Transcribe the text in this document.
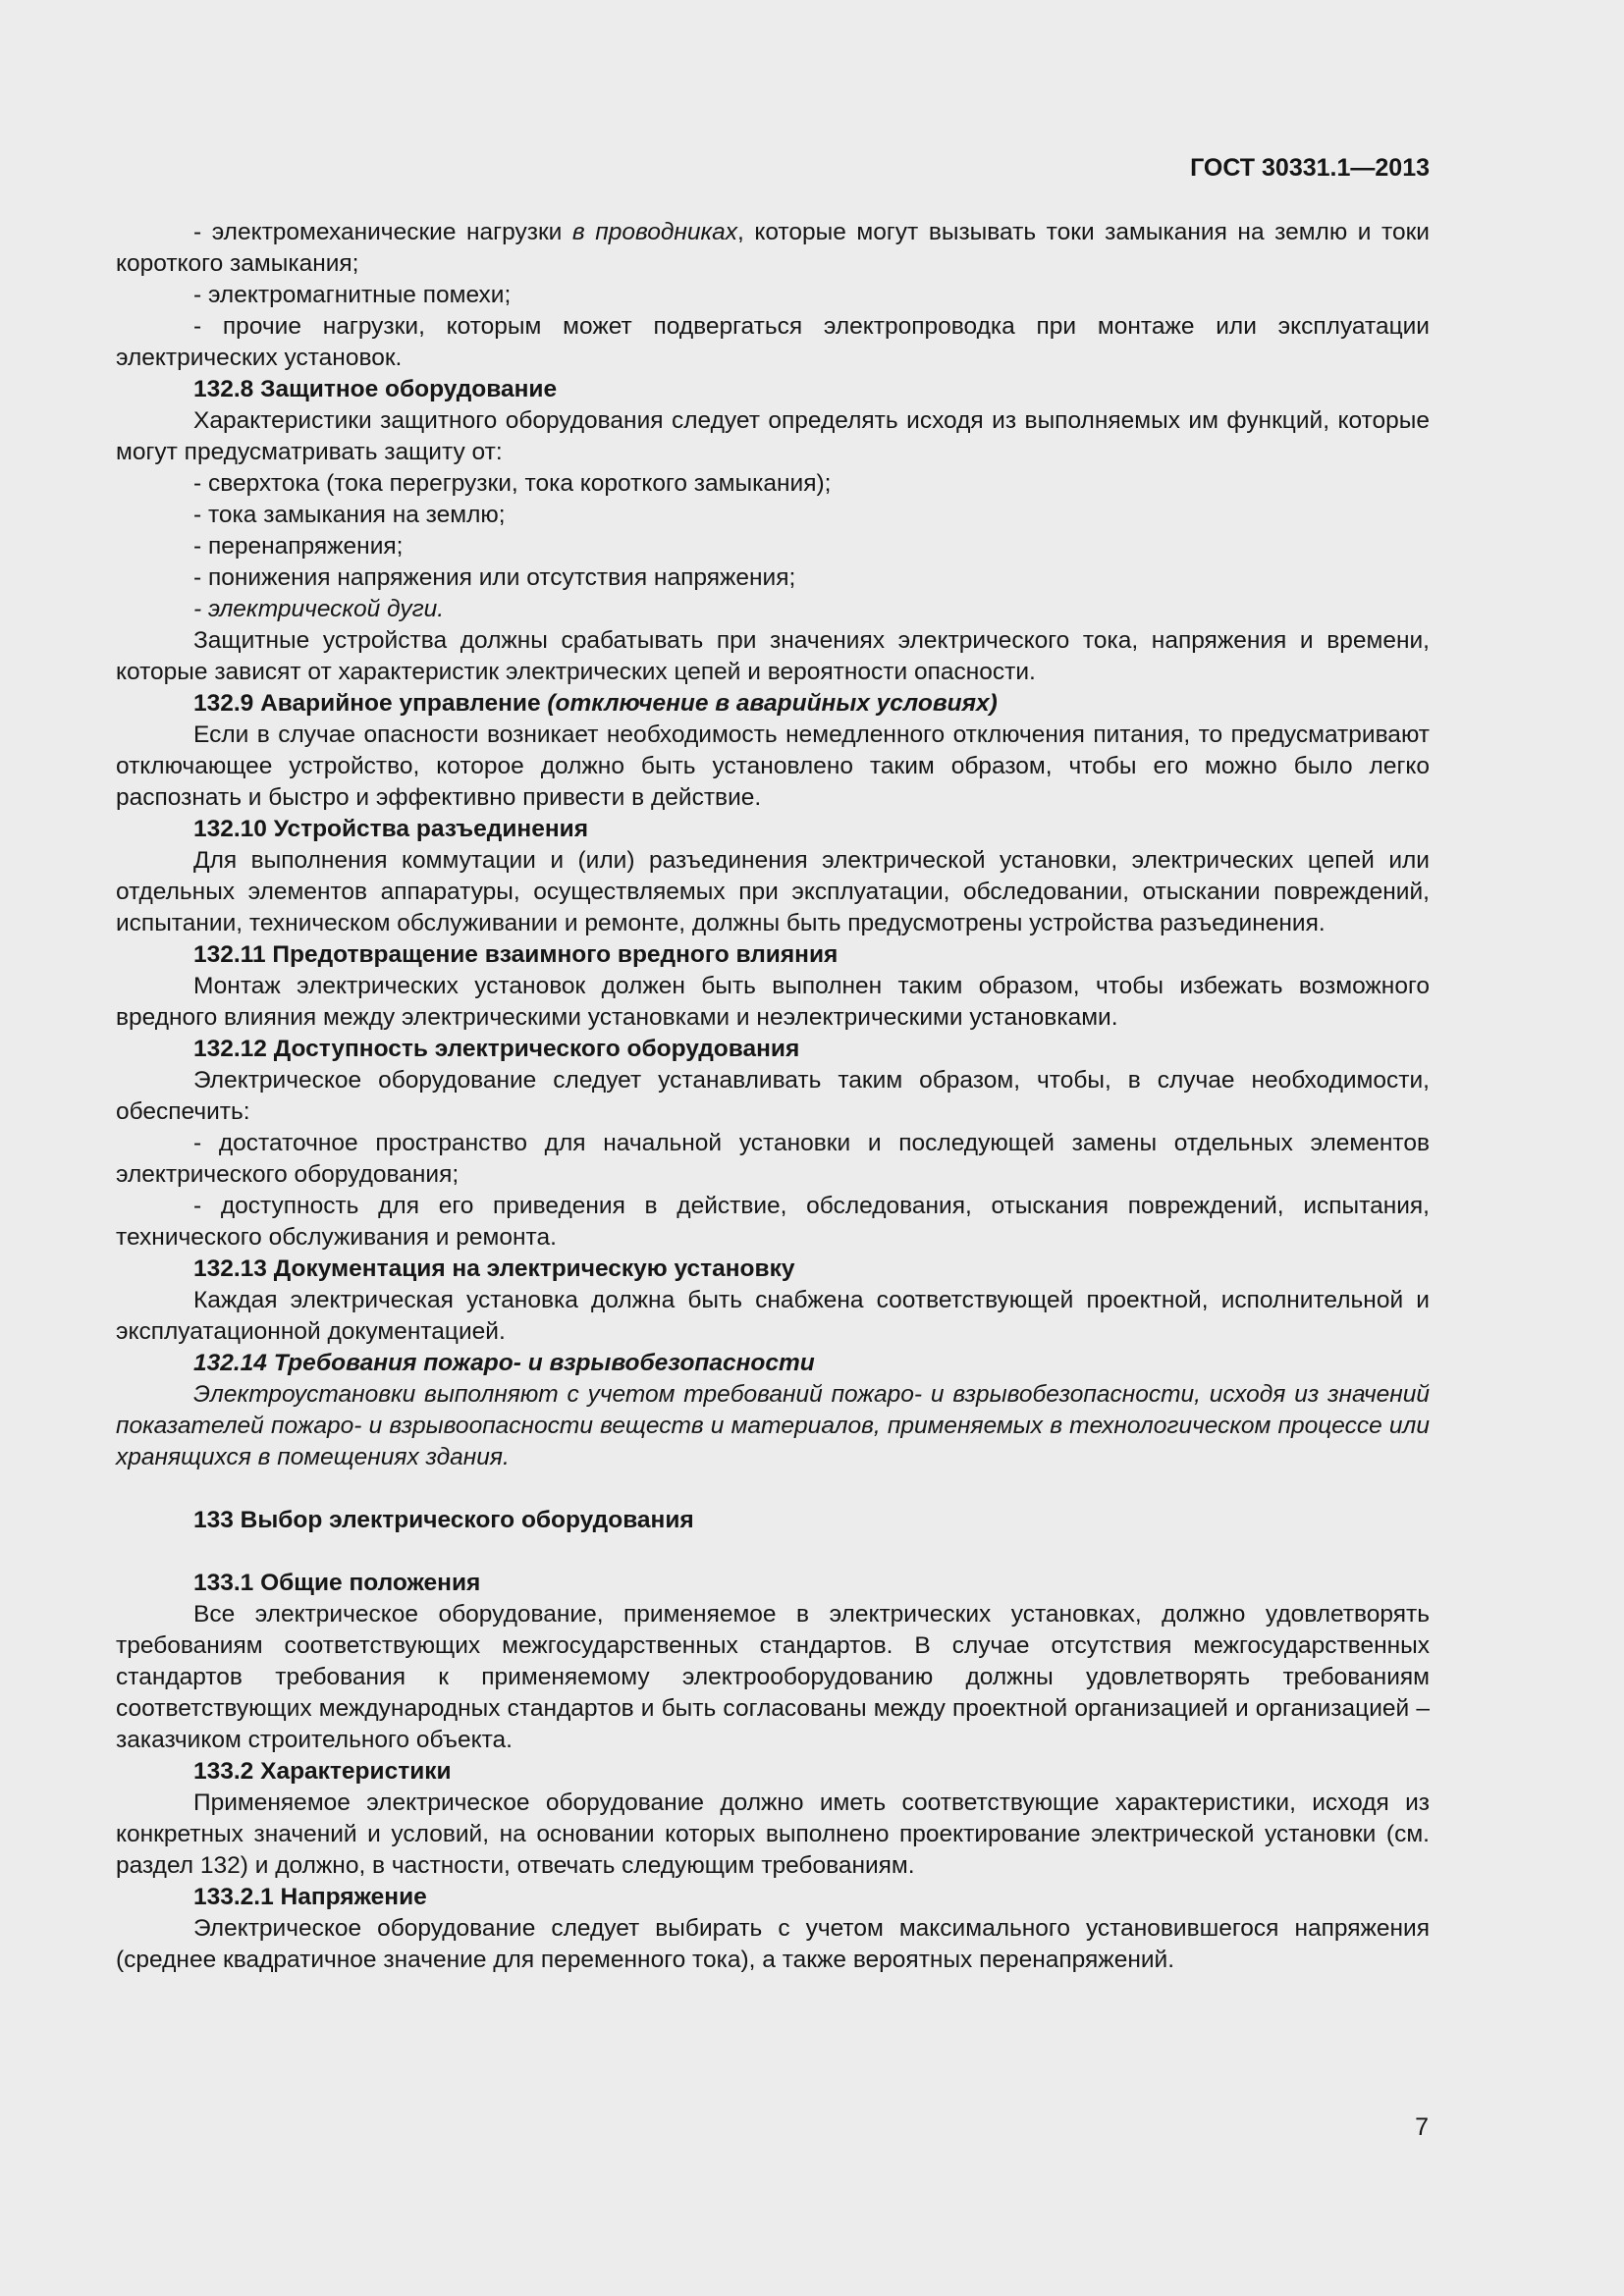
ГОСТ 30331.1—2013

- электромеханические нагрузки в проводниках, которые могут вызывать токи замыкания на землю и токи короткого замыкания;

- электромагнитные помехи;

- прочие нагрузки, которым может подвергаться электропроводка при монтаже или эксплуатации электрических установок.

132.8 Защитное оборудование

Характеристики защитного оборудования следует определять исходя из выполняемых им функций, которые могут предусматривать защиту от:

- сверхтока (тока перегрузки, тока короткого замыкания);

- тока замыкания на землю;

- перенапряжения;

- понижения напряжения или отсутствия напряжения;

- электрической дуги.

Защитные устройства должны срабатывать при значениях электрического тока, напряжения и времени, которые зависят от характеристик электрических цепей и вероятности опасности.

132.9 Аварийное управление (отключение в аварийных условиях)

Если в случае опасности возникает необходимость немедленного отключения питания, то предусматривают отключающее устройство, которое должно быть установлено таким образом, чтобы его можно было легко распознать и быстро и эффективно привести в действие.

132.10 Устройства разъединения

Для выполнения коммутации и (или) разъединения электрической установки, электрических цепей или отдельных элементов аппаратуры, осуществляемых при эксплуатации, обследовании, отыскании повреждений, испытании, техническом обслуживании и ремонте, должны быть предусмотрены устройства разъединения.

132.11 Предотвращение взаимного вредного влияния

Монтаж электрических установок должен быть выполнен таким образом, чтобы избежать возможного вредного влияния между электрическими установками и неэлектрическими установками.

132.12 Доступность электрического оборудования

Электрическое оборудование следует устанавливать таким образом, чтобы, в случае необходимости, обеспечить:

- достаточное пространство для начальной установки и последующей замены отдельных элементов электрического оборудования;

- доступность для его приведения в действие, обследования, отыскания повреждений, испытания, технического обслуживания и ремонта.

132.13 Документация на электрическую установку

Каждая электрическая установка должна быть снабжена соответствующей проектной, исполнительной и эксплуатационной документацией.

132.14 Требования пожаро- и взрывобезопасности

Электроустановки выполняют с учетом требований пожаро- и взрывобезопасности, исходя из значений показателей пожаро- и взрывоопасности веществ и материалов, применяемых в технологическом процессе или хранящихся в помещениях здания.

133 Выбор электрического оборудования

133.1 Общие положения

Все электрическое оборудование, применяемое в электрических установках, должно удовлетворять требованиям соответствующих межгосударственных стандартов. В случае отсутствия межгосударственных стандартов требования к применяемому электрооборудованию должны удовлетворять требованиям соответствующих международных стандартов и быть согласованы между проектной организацией и организацией – заказчиком строительного объекта.

133.2 Характеристики

Применяемое электрическое оборудование должно иметь соответствующие характеристики, исходя из конкретных значений и условий, на основании которых выполнено проектирование электрической установки (см. раздел 132) и должно, в частности, отвечать следующим требованиям.

133.2.1 Напряжение

Электрическое оборудование следует выбирать с учетом максимального установившегося напряжения (среднее квадратичное значение для переменного тока), а также вероятных перенапряжений.

7
